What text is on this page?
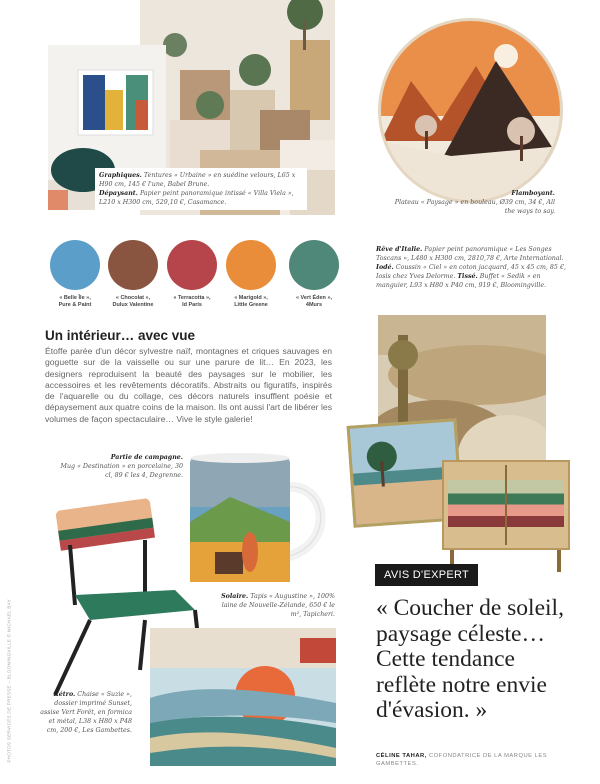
Graphiques. Tentures « Urbaine » en suédine velours, L65 x H90 cm, 145 € l'une, Babel Brune.
Dépaysant. Papier peint panoramique intissé « Villa Viela », L210 x H300 cm, 529,10 €, Casamance.
Flamboyant.
Plateau « Paysage » en bouleau, Ø39 cm, 34 €, All the ways to say.
Rêve d'Italie. Papier peint panoramique « Les Songes Toscans », L480 x H300 cm, 2810,78 €, Arte International. Iodé. Coussin « Ciel » en coton jacquard, 45 x 45 cm, 85 €, Iosis chez Yves Delorme. Tissé. Buffet « Sedik » en manguier, L93 x H80 x P40 cm, 919 €, Bloomingville.
« Belle Île »,
Pure & Paint
« Chocolat »,
Dulux Valentine
« Terracotta »,
Id Paris
« Marigold »,
Little Greene
« Vert Éden »,
4Murs
Un intérieur… avec vue

Étoffe parée d'un décor sylvestre naïf, montagnes et criques sauvages en goguette sur de la vaisselle ou sur une parure de lit… En 2023, les designers reproduisent la beauté des paysages sur le mobilier, les accessoires et les revêtements décoratifs. Abstraits ou figuratifs, inspirés de l'aquarelle ou du collage, ces décors naturels insufflent poésie et dépaysement aux quatre coins de la maison. Ils ont aussi l'art de libérer les volumes de façon spectaculaire… Vive le style galerie!

Partie de campagne.
Mug « Destination » en porcelaine, 30 cl, 89 € les 4, Degrenne.
Solaire. Tapis « Augustine », 100% laine de Nouvelle-Zélande, 650 € le m², Tapicheri.
Rétro. Chaise « Suzie », dossier imprimé Sunset, assise Vert Forêt, en formica et métal, L38 x H80 x P48 cm, 200 €, Les Gambettes.
AVIS D'EXPERT

« Coucher de soleil, paysage céleste… Cette tendance reflète notre envie d'évasion. »

CÉLINE TAHAR, COFONDATRICE DE LA MARQUE LES GAMBETTES.
PHOTOS SERVICES DE PRESSE – BLOOMINGVILLE © MICHAEL BAY
